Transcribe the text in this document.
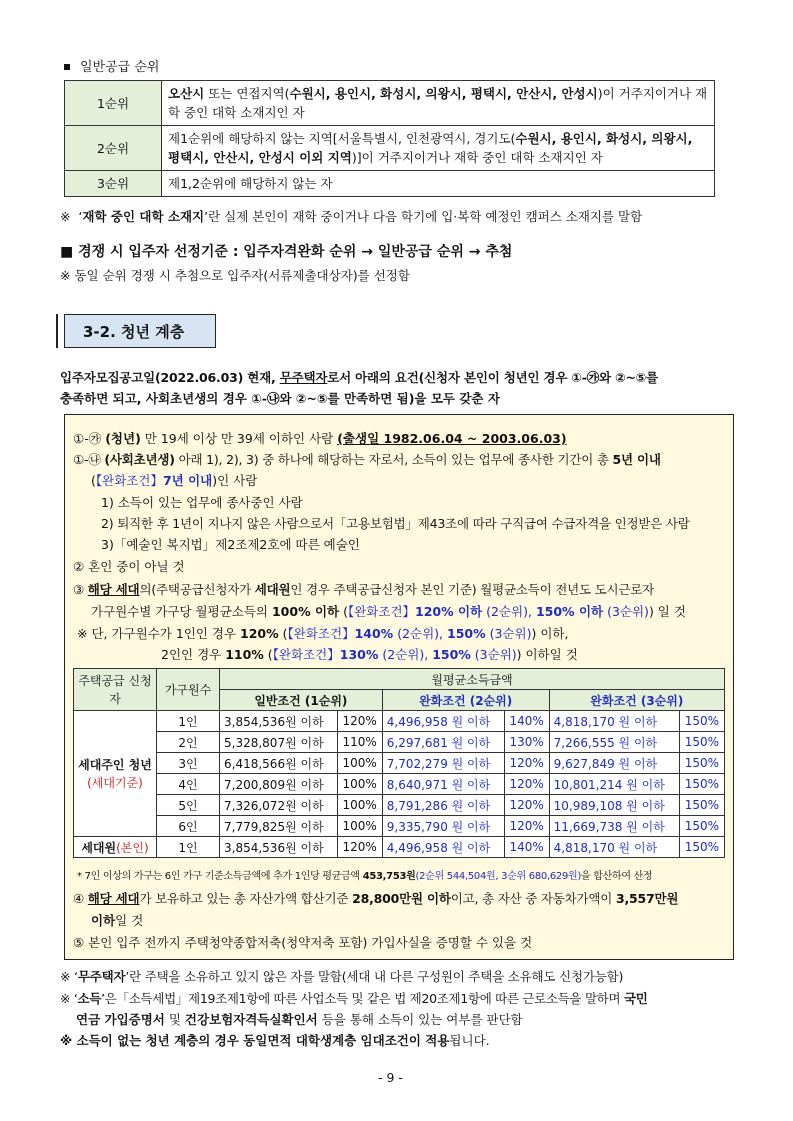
일반공급 순위
1순위	오산시 또는 연접지역(수원시, 용인시, 화성시, 의왕시, 평택시, 안산시, 안성시)이 거주지이거나 재학 중인 대학 소재지인 자
2순위	제1순위에 해당하지 않는 지역[서울특별시, 인천광역시, 경기도(수원시, 용인시, 화성시, 의왕시, 평택시, 안산시, 안성시 이외 지역)]이 거주지이거나 재학 중인 대학 소재지인 자
3순위	제1,2순위에 해당하지 않는 자
※  ‘재학 중인 대학 소재지’란 실제 본인이 재학 중이거나 다음 학기에 입·복학 예정인 캠퍼스 소재지를 말함
■ 경쟁 시 입주자 선정기준 : 입주자격완화 순위 → 일반공급 순위 → 추첨
※ 동일 순위 경쟁 시 추첨으로 입주자(서류제출대상자)를 선정함
3-2. 청년 계층
입주자모집공고일(2022.06.03) 현재, 무주택자로서 아래의 요건(신청자 본인이 청년인 경우 ①-㉮와 ②~⑤를
충족하면 되고, 사회초년생의 경우 ①-㉯와 ②~⑤를 만족하면 됨)을 모두 갖춘 자
①-㉮ (청년) 만 19세 이상 만 39세 이하인 사람 (출생일 1982.06.04 ~ 2003.06.03)
①-㉯ (사회초년생) 아래 1), 2), 3) 중 하나에 해당하는 자로서, 소득이 있는 업무에 종사한 기간이 총 5년 이내
(【완화조건】7년 이내)인 사람
1) 소득이 있는 업무에 종사중인 사람
2) 퇴직한 후 1년이 지나지 않은 사람으로서「고용보험법」제43조에 따라 구직급여 수급자격을 인정받은 사람
3)「예술인 복지법」제2조제2호에 따른 예술인
② 혼인 중이 아닐 것
③ 해당 세대의(주택공급신청자가 세대원인 경우 주택공급신청자 본인 기준) 월평균소득이 전년도 도시근로자
가구원수별 가구당 월평균소득의 100% 이하 (【완화조건】120% 이하 (2순위), 150% 이하 (3순위)) 일 것
※ 단, 가구원수가 1인인 경우 120% (【완화조건】140% (2순위), 150% (3순위)) 이하,
2인인 경우 110% (【완화조건】130% (2순위), 150% (3순위)) 이하일 것
주택공급 신청자	가구원수	월평균소득금액					
		일반조건 (1순위)		완화조건 (2순위)		완화조건 (3순위)	
세대주인 청년
(세대기준)	1인	3,854,536원 이하	120%	4,496,958 원 이하	140%	4,818,170 원 이하	150%
	2인	5,328,807원 이하	110%	6,297,681 원 이하	130%	7,266,555 원 이하	150%
	3인	6,418,566원 이하	100%	7,702,279 원 이하	120%	9,627,849 원 이하	150%
	4인	7,200,809원 이하	100%	8,640,971 원 이하	120%	10,801,214 원 이하	150%
	5인	7,326,072원 이하	100%	8,791,286 원 이하	120%	10,989,108 원 이하	150%
	6인	7,779,825원 이하	100%	9,335,790 원 이하	120%	11,669,738 원 이하	150%
세대원(본인)	1인	3,854,536원 이하	120%	4,496,958 원 이하	140%	4,818,170 원 이하	150%
* 7인 이상의 가구는 6인 가구 기준소득금액에 추가 1인당 평균금액 453,753원(2순위 544,504원, 3순위 680,629원)을 합산하여 산정
④ 해당 세대가 보유하고 있는 총 자산가액 합산기준 28,800만원 이하이고, 총 자산 중 자동차가액이 3,557만원
이하일 것
⑤ 본인 입주 전까지 주택청약종합저축(청약저축 포함) 가입사실을 증명할 수 있을 것
※ ‘무주택자’란 주택을 소유하고 있지 않은 자를 말함(세대 내 다른 구성원이 주택을 소유해도 신청가능함)
※ ‘소득’은「소득세법」제19조제1항에 따른 사업소득 및 같은 법 제20조제1항에 따른 근로소득을 말하며 국민
연금 가입증명서 및 건강보험자격득실확인서 등을 통해 소득이 있는 여부를 판단함
※ 소득이 없는 청년 계층의 경우 동일면적 대학생계층 임대조건이 적용됩니다.
- 9 -
